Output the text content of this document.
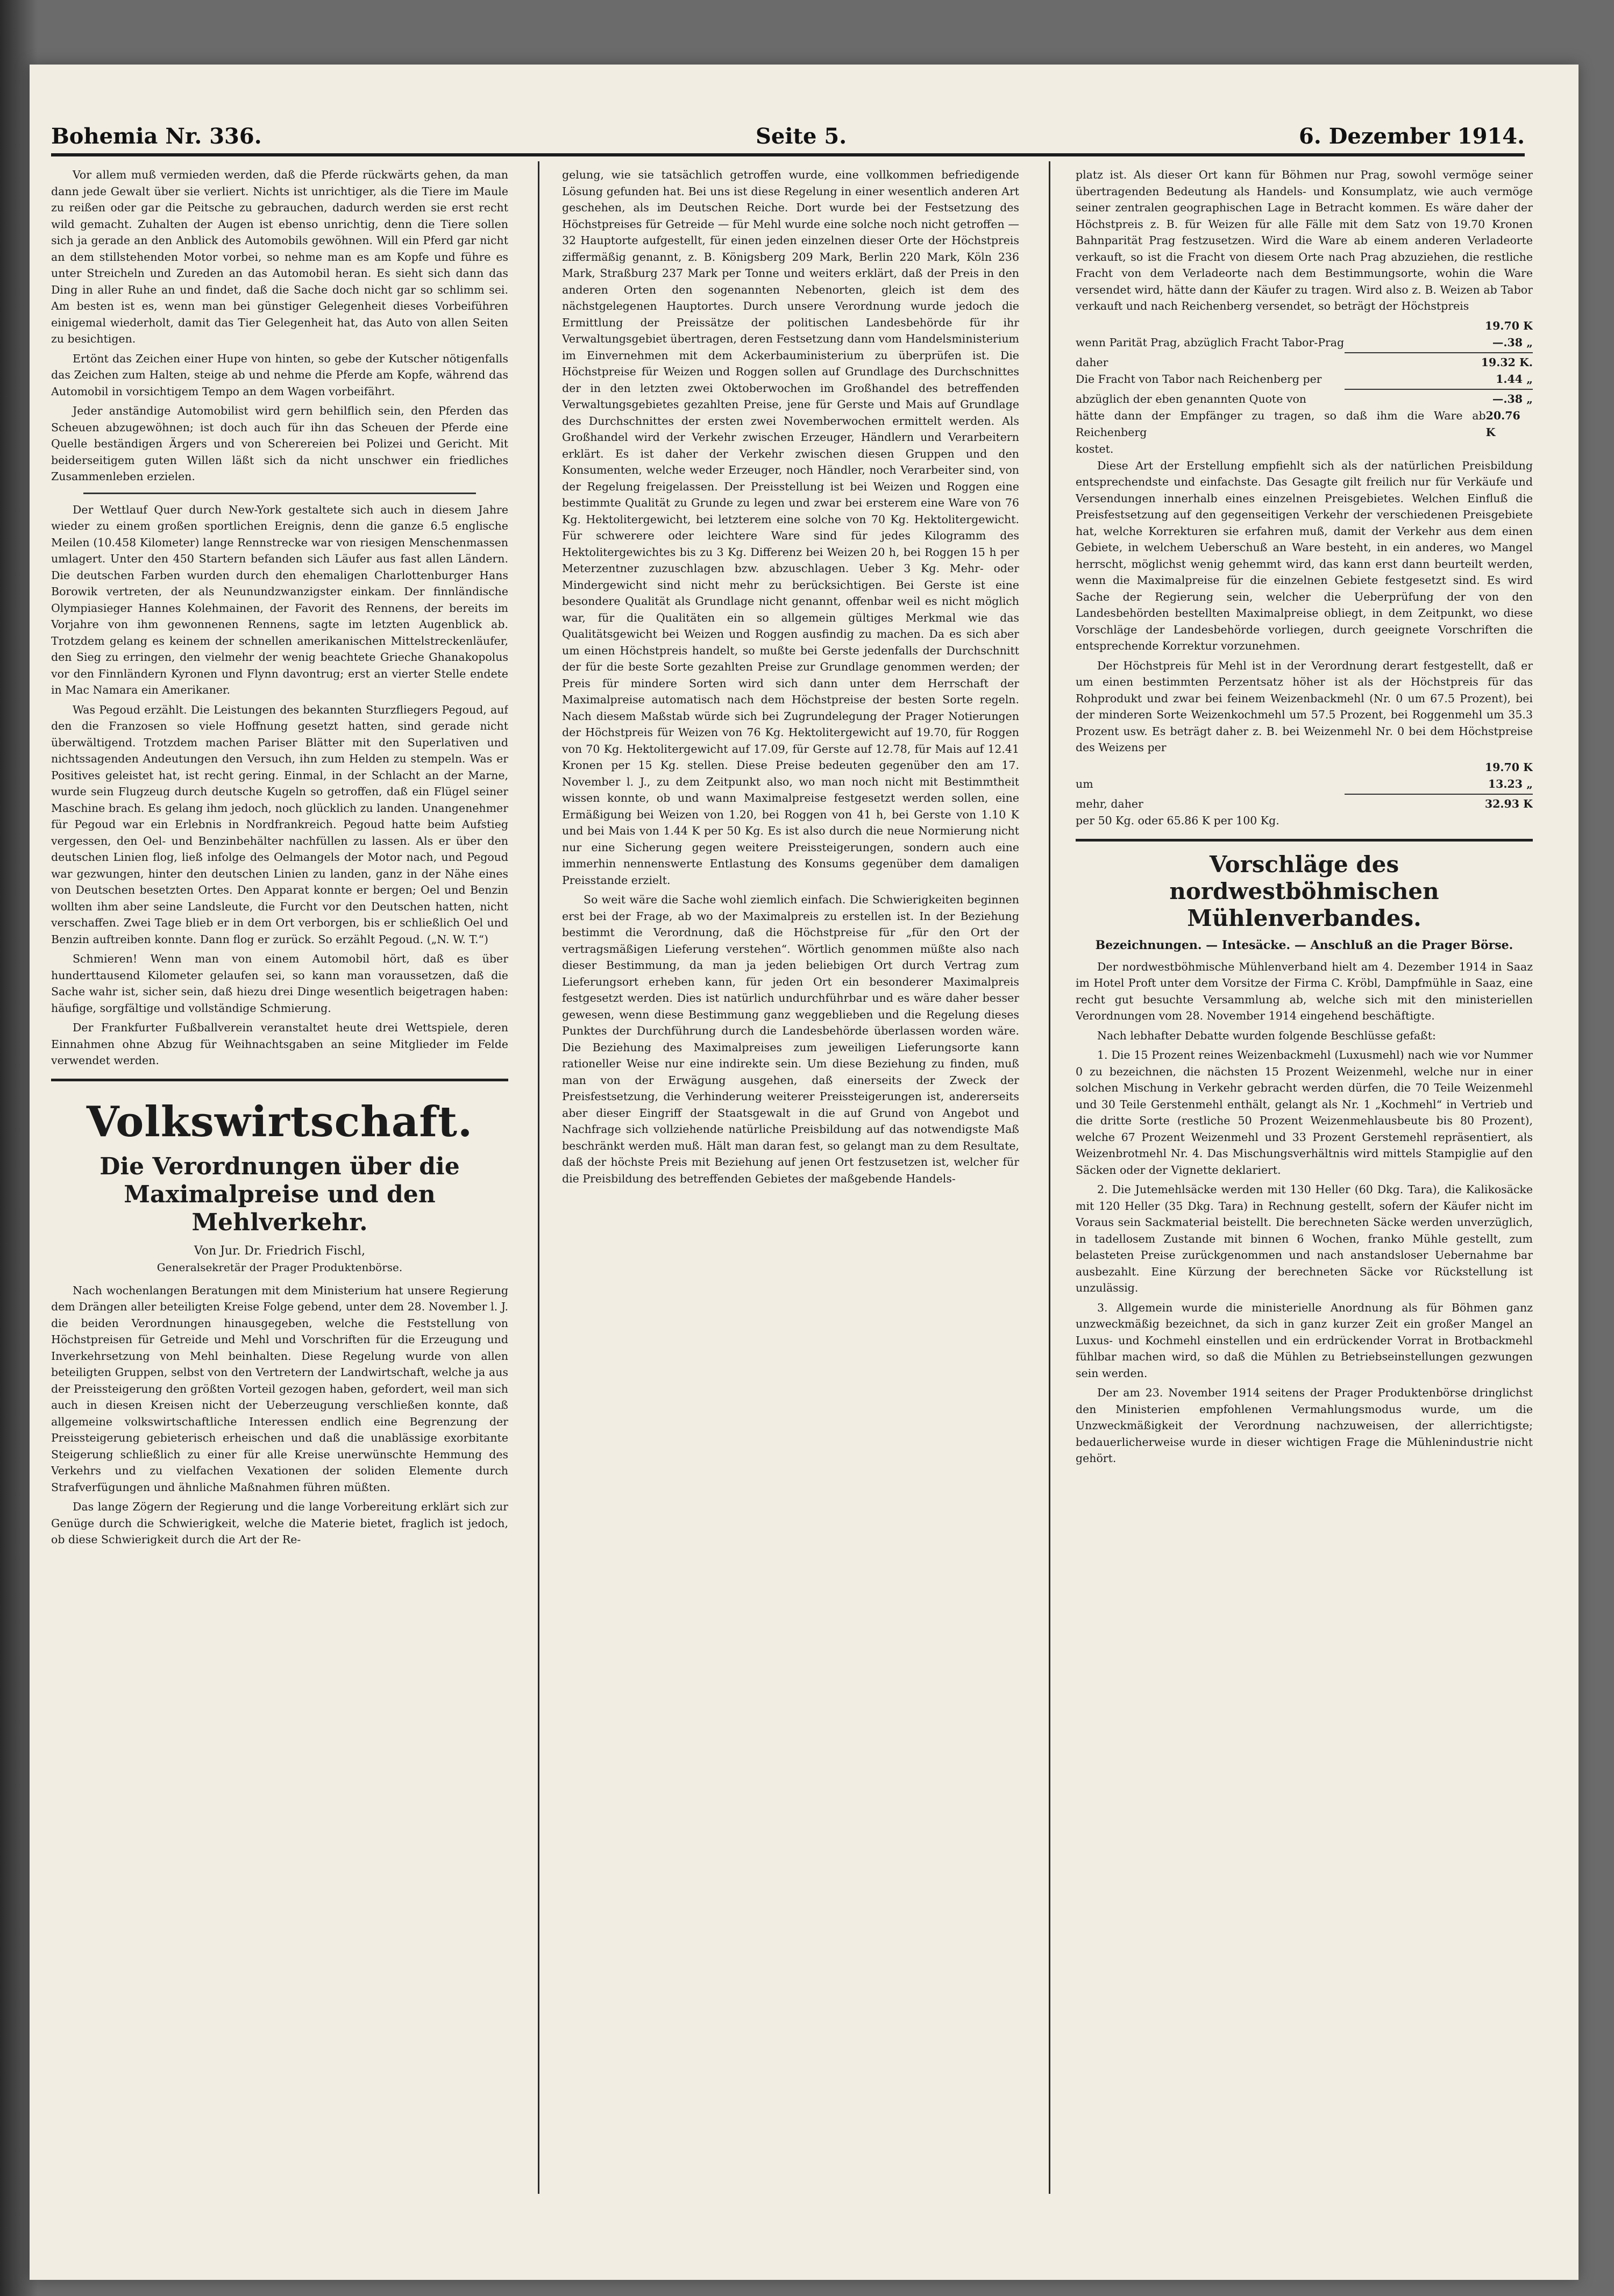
Bohemia Nr. 336.	Seite 5.	6. Dezember 1914.

Vor allem muß vermieden werden, daß die Pferde rückwärts gehen, da man dann jede Gewalt über sie verliert. Nichts ist unrichtiger, als die Tiere im Maule zu reißen oder gar die Peitsche zu gebrauchen, dadurch werden sie erst recht wild gemacht. Zuhalten der Augen ist ebenso unrichtig, denn die Tiere sollen sich ja gerade an den Anblick des Automobils gewöhnen. Will ein Pferd gar nicht an dem stillstehenden Motor vorbei, so nehme man es am Kopfe und führe es unter Streicheln und Zureden an das Automobil heran. Es sieht sich dann das Ding in aller Ruhe an und findet, daß die Sache doch nicht gar so schlimm sei. Am besten ist es, wenn man bei günstiger Gelegenheit dieses Vorbeiführen einigemal wiederholt, damit das Tier Gelegenheit hat, das Auto von allen Seiten zu besichtigen.

Ertönt das Zeichen einer Hupe von hinten, so gebe der Kutscher nötigenfalls das Zeichen zum Halten, steige ab und nehme die Pferde am Kopfe, während das Automobil in vorsichtigem Tempo an dem Wagen vorbeifährt.

Jeder anständige Automobilist wird gern behilflich sein, den Pferden das Scheuen abzugewöhnen; ist doch auch für ihn das Scheuen der Pferde eine Quelle beständigen Ärgers und von Scherereien bei Polizei und Gericht. Mit beiderseitigem guten Willen läßt sich da nicht unschwer ein friedliches Zusammenleben erzielen.

Der Wettlauf Quer durch New-York gestaltete sich auch in diesem Jahre wieder zu einem großen sportlichen Ereignis, denn die ganze 6.5 englische Meilen (10.458 Kilometer) lange Rennstrecke war von riesigen Menschenmassen umlagert. Unter den 450 Startern befanden sich Läufer aus fast allen Ländern. Die deutschen Farben wurden durch den ehemaligen Charlottenburger Hans Borowik vertreten, der als Neunundzwanzigster einkam. Der finnländische Olympiasieger Hannes Kolehmainen, der Favorit des Rennens, der bereits im Vorjahre von ihm gewonnenen Rennens, sagte im letzten Augenblick ab. Trotzdem gelang es keinem der schnellen amerikanischen Mittelstreckenläufer, den Sieg zu erringen, den vielmehr der wenig beachtete Grieche Ghanakopolus vor den Finnländern Kyronen und Flynn davontrug; erst an vierter Stelle endete in Mac Namara ein Amerikaner.

Was Pegoud erzählt. Die Leistungen des bekannten Sturzfliegers Pegoud, auf den die Franzosen so viele Hoffnung gesetzt hatten, sind gerade nicht überwältigend. Trotzdem machen Pariser Blätter mit den Superlativen und nichtssagenden Andeutungen den Versuch, ihn zum Helden zu stempeln. Was er Positives geleistet hat, ist recht gering. Einmal, in der Schlacht an der Marne, wurde sein Flugzeug durch deutsche Kugeln so getroffen, daß ein Flügel seiner Maschine brach. Es gelang ihm jedoch, noch glücklich zu landen. Unangenehmer für Pegoud war ein Erlebnis in Nordfrankreich. Pegoud hatte beim Aufstieg vergessen, den Oel- und Benzinbehälter nachfüllen zu lassen. Als er über den deutschen Linien flog, ließ infolge des Oelmangels der Motor nach, und Pegoud war gezwungen, hinter den deutschen Linien zu landen, ganz in der Nähe eines von Deutschen besetzten Ortes. Den Apparat konnte er bergen; Oel und Benzin wollten ihm aber seine Landsleute, die Furcht vor den Deutschen hatten, nicht verschaffen. Zwei Tage blieb er in dem Ort verborgen, bis er schließlich Oel und Benzin auftreiben konnte. Dann flog er zurück. So erzählt Pegoud. („N. W. T.“)

Schmieren! Wenn man von einem Automobil hört, daß es über hunderttausend Kilometer gelaufen sei, so kann man voraussetzen, daß die Sache wahr ist, sicher sein, daß hiezu drei Dinge wesentlich beigetragen haben: häufige, sorgfältige und vollständige Schmierung.

Der Frankfurter Fußballverein veranstaltet heute drei Wettspiele, deren Einnahmen ohne Abzug für Weihnachtsgaben an seine Mitglieder im Felde verwendet werden.

Volkswirtschaft.
Die Verordnungen über die Maximalpreise und den Mehlverkehr.
Von Jur. Dr. Friedrich Fischl,
Generalsekretär der Prager Produktenbörse.

Nach wochenlangen Beratungen mit dem Ministerium hat unsere Regierung dem Drängen aller beteiligten Kreise Folge gebend, unter dem 28. November l. J. die beiden Verordnungen hinausgegeben, welche die Feststellung von Höchstpreisen für Getreide und Mehl und Vorschriften für die Erzeugung und Inverkehrsetzung von Mehl beinhalten. Diese Regelung wurde von allen beteiligten Gruppen, selbst von den Vertretern der Landwirtschaft, welche ja aus der Preissteigerung den größten Vorteil gezogen haben, gefordert, weil man sich auch in diesen Kreisen nicht der Ueberzeugung verschließen konnte, daß allgemeine volkswirtschaftliche Interessen endlich eine Begrenzung der Preissteigerung gebieterisch erheischen und daß die unablässige exorbitante Steigerung schließlich zu einer für alle Kreise unerwünschte Hemmung des Verkehrs und zu vielfachen Vexationen der soliden Elemente durch Strafverfügungen und ähnliche Maßnahmen führen müßten.

Das lange Zögern der Regierung und die lange Vorbereitung erklärt sich zur Genüge durch die Schwierigkeit, welche die Materie bietet, fraglich ist jedoch, ob diese Schwierigkeit durch die Art der Re-

gelung, wie sie tatsächlich getroffen wurde, eine vollkommen befriedigende Lösung gefunden hat. Bei uns ist diese Regelung in einer wesentlich anderen Art geschehen, als im Deutschen Reiche. Dort wurde bei der Festsetzung des Höchstpreises für Getreide — für Mehl wurde eine solche noch nicht getroffen — 32 Hauptorte aufgestellt, für einen jeden einzelnen dieser Orte der Höchstpreis ziffermäßig genannt, z. B. Königsberg 209 Mark, Berlin 220 Mark, Köln 236 Mark, Straßburg 237 Mark per Tonne und weiters erklärt, daß der Preis in den anderen Orten den sogenannten Nebenorten, gleich ist dem des nächstgelegenen Hauptortes. Durch unsere Verordnung wurde jedoch die Ermittlung der Preissätze der politischen Landesbehörde für ihr Verwaltungsgebiet übertragen, deren Festsetzung dann vom Handelsministerium im Einvernehmen mit dem Ackerbauministerium zu überprüfen ist. Die Höchstpreise für Weizen und Roggen sollen auf Grundlage des Durchschnittes der in den letzten zwei Oktoberwochen im Großhandel des betreffenden Verwaltungsgebietes gezahlten Preise, jene für Gerste und Mais auf Grundlage des Durchschnittes der ersten zwei Novemberwochen ermittelt werden. Als Großhandel wird der Verkehr zwischen Erzeuger, Händlern und Verarbeitern erklärt. Es ist daher der Verkehr zwischen diesen Gruppen und den Konsumenten, welche weder Erzeuger, noch Händler, noch Verarbeiter sind, von der Regelung freigelassen. Der Preisstellung ist bei Weizen und Roggen eine bestimmte Qualität zu Grunde zu legen und zwar bei ersterem eine Ware von 76 Kg. Hektolitergewicht, bei letzterem eine solche von 70 Kg. Hektolitergewicht. Für schwerere oder leichtere Ware sind für jedes Kilogramm des Hektolitergewichtes bis zu 3 Kg. Differenz bei Weizen 20 h, bei Roggen 15 h per Meterzentner zuzuschlagen bzw. abzuschlagen. Ueber 3 Kg. Mehr- oder Mindergewicht sind nicht mehr zu berücksichtigen. Bei Gerste ist eine besondere Qualität als Grundlage nicht genannt, offenbar weil es nicht möglich war, für die Qualitäten ein so allgemein gültiges Merkmal wie das Qualitätsgewicht bei Weizen und Roggen ausfindig zu machen. Da es sich aber um einen Höchstpreis handelt, so mußte bei Gerste jedenfalls der Durchschnitt der für die beste Sorte gezahlten Preise zur Grundlage genommen werden; der Preis für mindere Sorten wird sich dann unter dem Herrschaft der Maximalpreise automatisch nach dem Höchstpreise der besten Sorte regeln. Nach diesem Maßstab würde sich bei Zugrundelegung der Prager Notierungen der Höchstpreis für Weizen von 76 Kg. Hektolitergewicht auf 19.70, für Roggen von 70 Kg. Hektolitergewicht auf 17.09, für Gerste auf 12.78, für Mais auf 12.41 Kronen per 15 Kg. stellen. Diese Preise bedeuten gegenüber den am 17. November l. J., zu dem Zeitpunkt also, wo man noch nicht mit Bestimmtheit wissen konnte, ob und wann Maximalpreise festgesetzt werden sollen, eine Ermäßigung bei Weizen von 1.20, bei Roggen von 41 h, bei Gerste von 1.10 K und bei Mais von 1.44 K per 50 Kg. Es ist also durch die neue Normierung nicht nur eine Sicherung gegen weitere Preissteigerungen, sondern auch eine immerhin nennenswerte Entlastung des Konsums gegenüber dem damaligen Preisstande erzielt.

So weit wäre die Sache wohl ziemlich einfach. Die Schwierigkeiten beginnen erst bei der Frage, ab wo der Maximalpreis zu erstellen ist. In der Beziehung bestimmt die Verordnung, daß die Höchstpreise für „für den Ort der vertragsmäßigen Lieferung verstehen“. Wörtlich genommen müßte also nach dieser Bestimmung, da man ja jeden beliebigen Ort durch Vertrag zum Lieferungsort erheben kann, für jeden Ort ein besonderer Maximalpreis festgesetzt werden. Dies ist natürlich undurchführbar und es wäre daher besser gewesen, wenn diese Bestimmung ganz weggeblieben und die Regelung dieses Punktes der Durchführung durch die Landesbehörde überlassen worden wäre. Die Beziehung des Maximalpreises zum jeweiligen Lieferungsorte kann rationeller Weise nur eine indirekte sein. Um diese Beziehung zu finden, muß man von der Erwägung ausgehen, daß einerseits der Zweck der Preisfestsetzung, die Verhinderung weiterer Preissteigerungen ist, andererseits aber dieser Eingriff der Staatsgewalt in die auf Grund von Angebot und Nachfrage sich vollziehende natürliche Preisbildung auf das notwendigste Maß beschränkt werden muß. Hält man daran fest, so gelangt man zu dem Resultate, daß der höchste Preis mit Beziehung auf jenen Ort festzusetzen ist, welcher für die Preisbildung des betreffenden Gebietes der maßgebende Handels-

platz ist. Als dieser Ort kann für Böhmen nur Prag, sowohl vermöge seiner übertragenden Bedeutung als Handels- und Konsumplatz, wie auch vermöge seiner zentralen geographischen Lage in Betracht kommen. Es wäre daher der Höchstpreis z. B. für Weizen für alle Fälle mit dem Satz von 19.70 Kronen Bahnparität Prag festzusetzen. Wird die Ware ab einem anderen Verladeorte verkauft, so ist die Fracht von diesem Orte nach Prag abzuziehen, die restliche Fracht von dem Verladeorte nach dem Bestimmungsorte, wohin die Ware versendet wird, hätte dann der Käufer zu tragen. Wird also z. B. Weizen ab Tabor verkauft und nach Reichenberg versendet, so beträgt der Höchstpreis

19.70 K
wenn Parität Prag, abzüglich Fracht Tabor-Prag	—.38 „
daher	19.32 K.
Die Fracht von Tabor nach Reichenberg per	1.44 „
abzüglich der eben genannten Quote von	—.38 „
hätte dann der Empfänger zu tragen, so daß ihm die Ware ab Reichenberg
20.76 K
kostet.

Diese Art der Erstellung empfiehlt sich als der natürlichen Preisbildung entsprechendste und einfachste. Das Gesagte gilt freilich nur für Verkäufe und Versendungen innerhalb eines einzelnen Preisgebietes. Welchen Einfluß die Preisfestsetzung auf den gegenseitigen Verkehr der verschiedenen Preisgebiete hat, welche Korrekturen sie erfahren muß, damit der Verkehr aus dem einen Gebiete, in welchem Ueberschuß an Ware besteht, in ein anderes, wo Mangel herrscht, möglichst wenig gehemmt wird, das kann erst dann beurteilt werden, wenn die Maximalpreise für die einzelnen Gebiete festgesetzt sind. Es wird Sache der Regierung sein, welcher die Ueberprüfung der von den Landesbehörden bestellten Maximalpreise obliegt, in dem Zeitpunkt, wo diese Vorschläge der Landesbehörde vorliegen, durch geeignete Vorschriften die entsprechende Korrektur vorzunehmen.

Der Höchstpreis für Mehl ist in der Verordnung derart festgestellt, daß er um einen bestimmten Perzentsatz höher ist als der Höchstpreis für das Rohprodukt und zwar bei feinem Weizenbackmehl (Nr. 0 um 67.5 Prozent), bei der minderen Sorte Weizenkochmehl um 57.5 Prozent, bei Roggenmehl um 35.3 Prozent usw. Es beträgt daher z. B. bei Weizenmehl Nr. 0 bei dem Höchstpreise des Weizens per

19.70 K
um	13.23 „
mehr, daher	32.93 K
per 50 Kg. oder 65.86 K per 100 Kg.
Vorschläge des nordwestböhmischen Mühlenverbandes.
Bezeichnungen. — Intesäcke. — Anschluß an die Prager Börse.

Der nordwestböhmische Mühlenverband hielt am 4. Dezember 1914 in Saaz im Hotel Proft unter dem Vorsitze der Firma C. Kröbl, Dampfmühle in Saaz, eine recht gut besuchte Versammlung ab, welche sich mit den ministeriellen Verordnungen vom 28. November 1914 eingehend beschäftigte.

Nach lebhafter Debatte wurden folgende Beschlüsse gefaßt:

1. Die 15 Prozent reines Weizenbackmehl (Luxusmehl) nach wie vor Nummer 0 zu bezeichnen, die nächsten 15 Prozent Weizenmehl, welche nur in einer solchen Mischung in Verkehr gebracht werden dürfen, die 70 Teile Weizenmehl und 30 Teile Gerstenmehl enthält, gelangt als Nr. 1 „Kochmehl“ in Vertrieb und die dritte Sorte (restliche 50 Prozent Weizenmehlausbeute bis 80 Prozent), welche 67 Prozent Weizenmehl und 33 Prozent Gerstemehl repräsentiert, als Weizenbrotmehl Nr. 4. Das Mischungsverhältnis wird mittels Stampiglie auf den Säcken oder der Vignette deklariert.

2. Die Jutemehlsäcke werden mit 130 Heller (60 Dkg. Tara), die Kalikosäcke mit 120 Heller (35 Dkg. Tara) in Rechnung gestellt, sofern der Käufer nicht im Voraus sein Sackmaterial beistellt. Die berechneten Säcke werden unverzüglich, in tadellosem Zustande mit binnen 6 Wochen, franko Mühle gestellt, zum belasteten Preise zurückgenommen und nach anstandsloser Uebernahme bar ausbezahlt. Eine Kürzung der berechneten Säcke vor Rückstellung ist unzulässig.

3. Allgemein wurde die ministerielle Anordnung als für Böhmen ganz unzweckmäßig bezeichnet, da sich in ganz kurzer Zeit ein großer Mangel an Luxus- und Kochmehl einstellen und ein erdrückender Vorrat in Brotbackmehl fühlbar machen wird, so daß die Mühlen zu Betriebseinstellungen gezwungen sein werden.

Der am 23. November 1914 seitens der Prager Produktenbörse dringlichst den Ministerien empfohlenen Vermahlungsmodus wurde, um die Unzweckmäßigkeit der Verordnung nachzuweisen, der allerrichtigste; bedauerlicherweise wurde in dieser wichtigen Frage die Mühlenindustrie nicht gehört.
